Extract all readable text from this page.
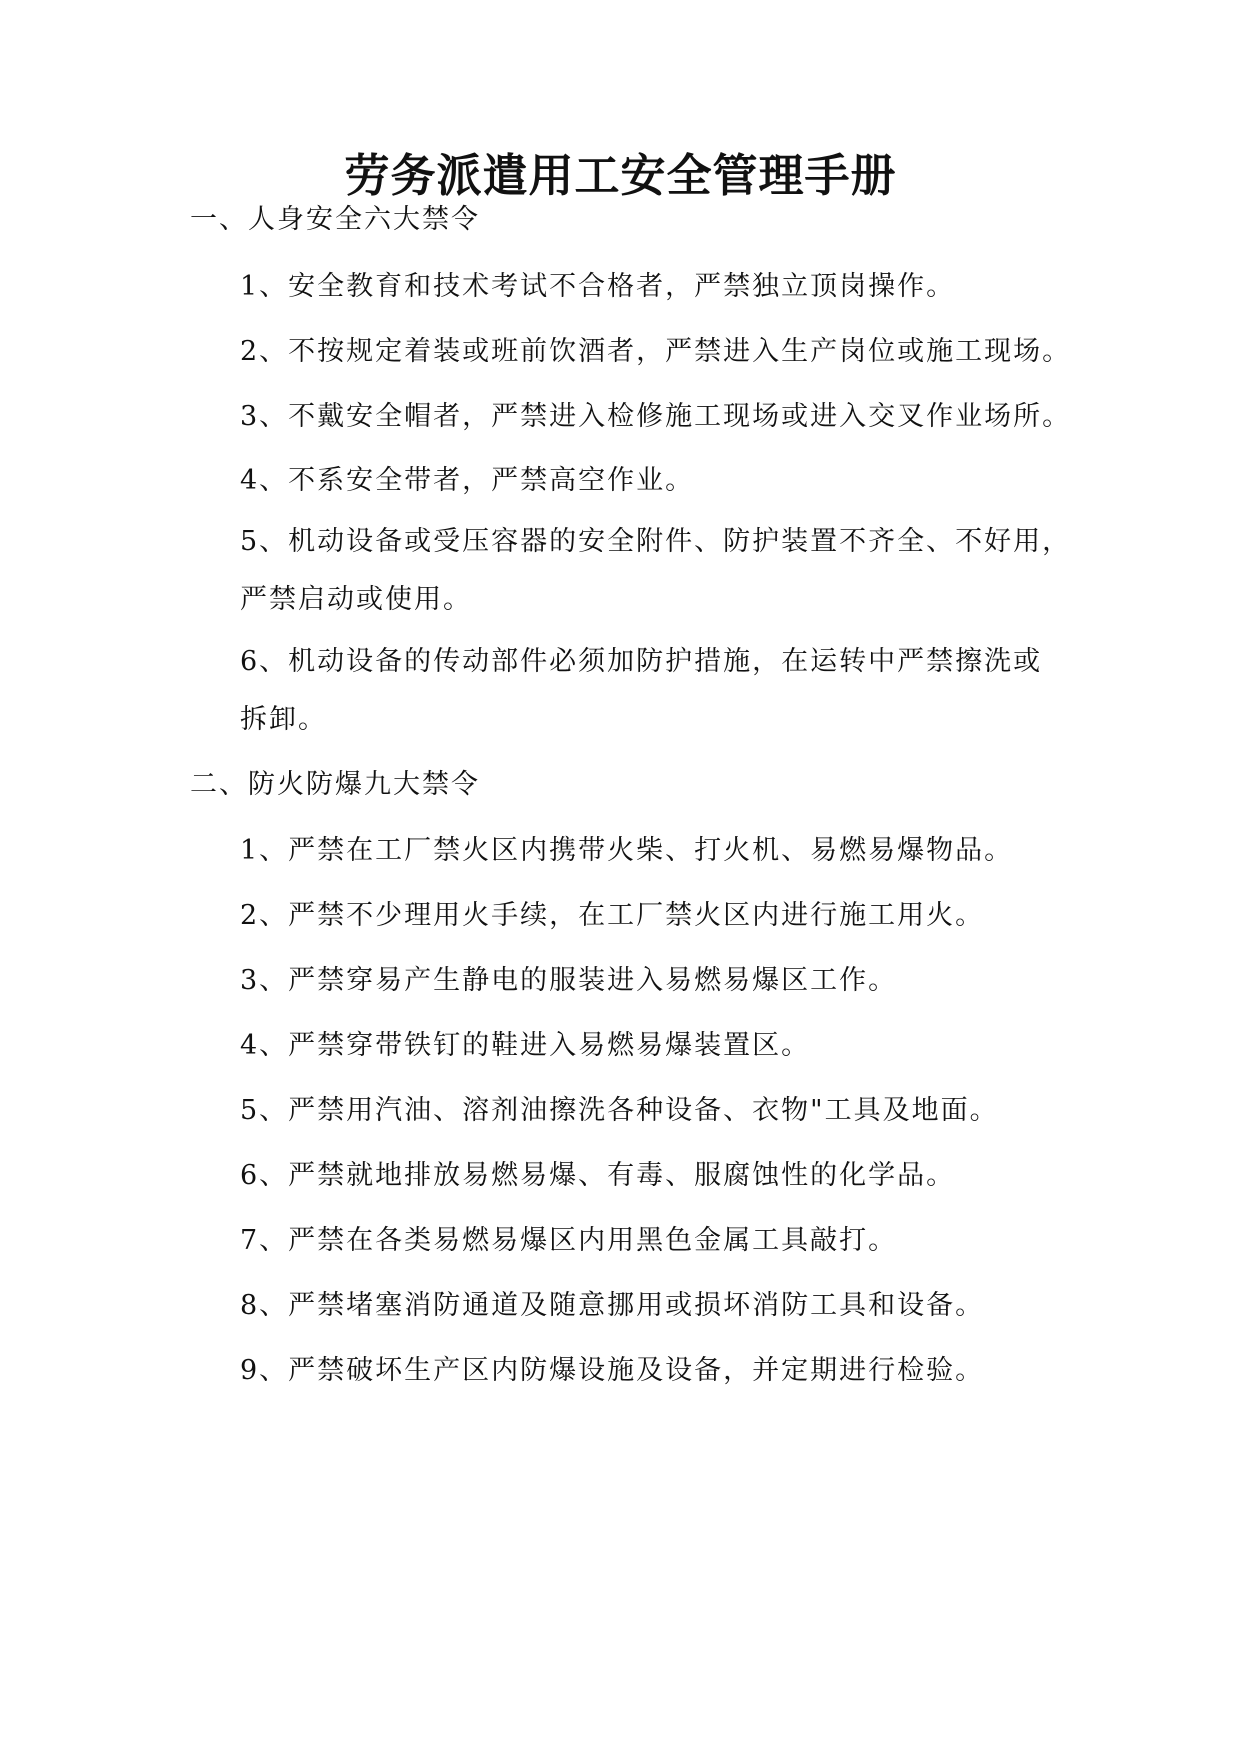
劳务派遣用工安全管理手册

一、人身安全六大禁令

1、安全教育和技术考试不合格者，严禁独立顶岗操作。

2、不按规定着装或班前饮酒者，严禁进入生产岗位或施工现场。

3、不戴安全帽者，严禁进入检修施工现场或进入交叉作业场所。

4、不系安全带者，严禁高空作业。

5、机动设备或受压容器的安全附件、防护装置不齐全、不好用，

严禁启动或使用。

6、机动设备的传动部件必须加防护措施，在运转中严禁擦洗或

拆卸。

二、防火防爆九大禁令

1、严禁在工厂禁火区内携带火柴、打火机、易燃易爆物品。

2、严禁不少理用火手续，在工厂禁火区内进行施工用火。

3、严禁穿易产生静电的服装进入易燃易爆区工作。

4、严禁穿带铁钉的鞋进入易燃易爆装置区。

5、严禁用汽油、溶剂油擦洗各种设备、衣物"工具及地面。

6、严禁就地排放易燃易爆、有毒、服腐蚀性的化学品。

7、严禁在各类易燃易爆区内用黑色金属工具敲打。

8、严禁堵塞消防通道及随意挪用或损坏消防工具和设备。

9、严禁破坏生产区内防爆设施及设备，并定期进行检验。
